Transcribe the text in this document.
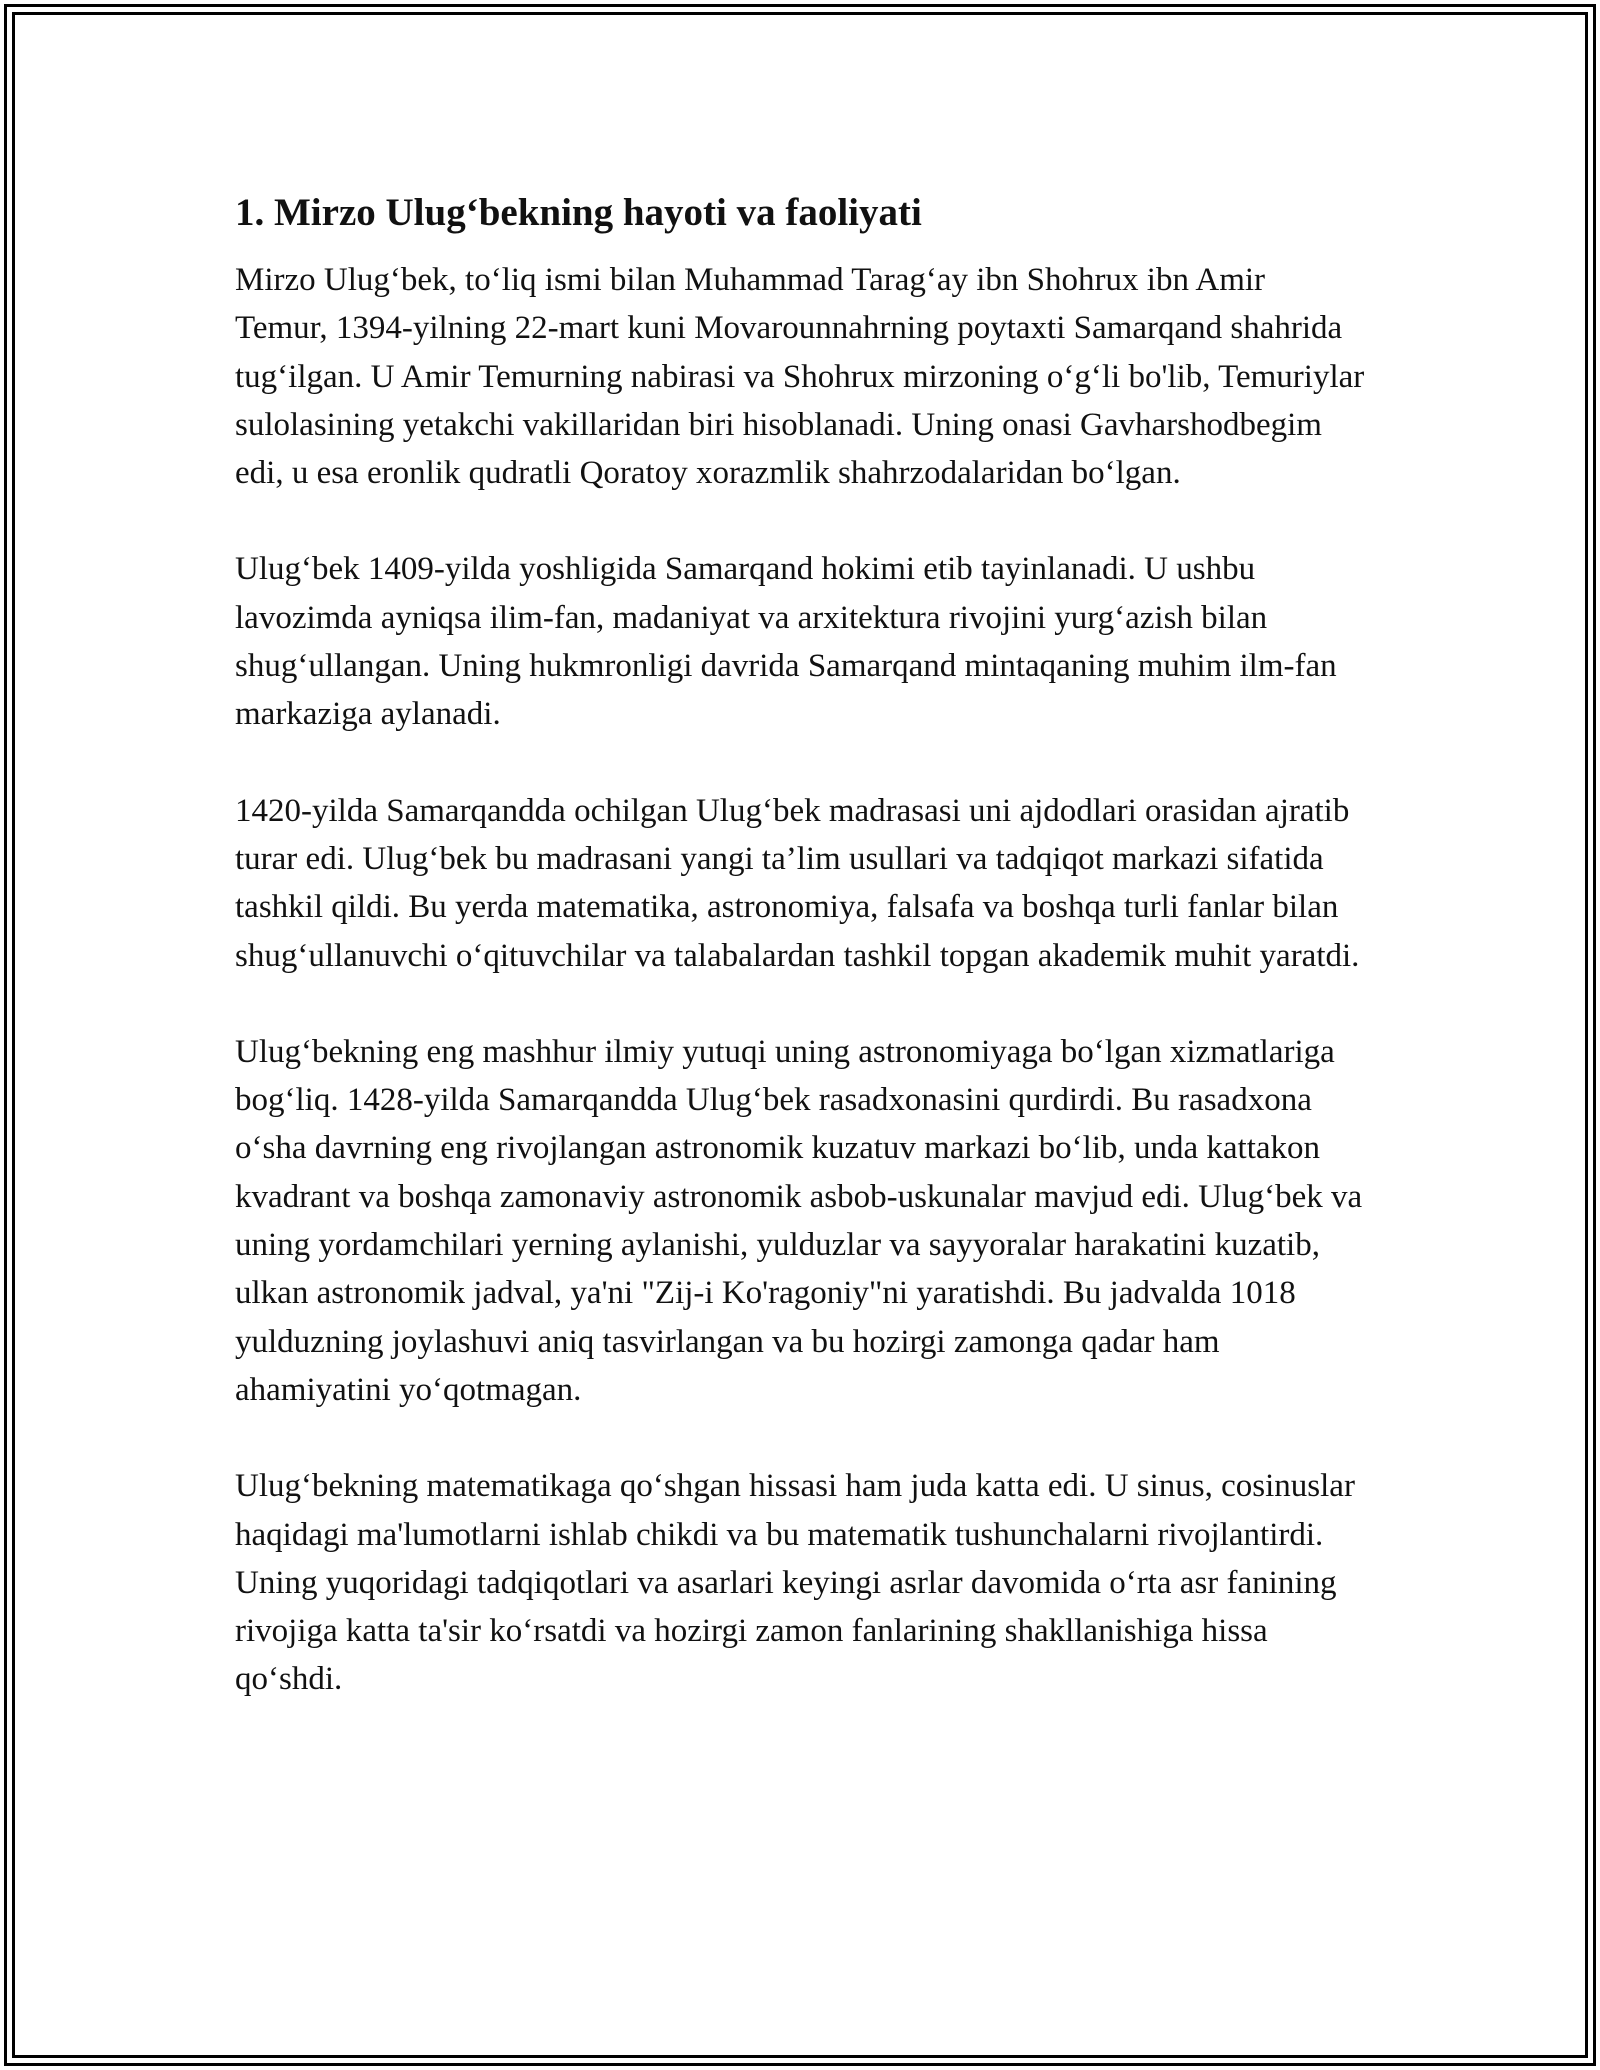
1. Mirzo Ulug‘bekning hayoti va faoliyati

Mirzo Ulug‘bek, to‘liq ismi bilan Muhammad Tarag‘ay ibn Shohrux ibn Amir Temur, 1394-yilning 22-mart kuni Movarounnahrning poytaxti Samarqand shahrida tug‘ilgan. U Amir Temurning nabirasi va Shohrux mirzoning o‘g‘li bo'lib, Temuriylar sulolasining yetakchi vakillaridan biri hisoblanadi. Uning onasi Gavharshodbegim edi, u esa eronlik qudratli Qoratoy xorazmlik shahrzodalaridan bo‘lgan.

Ulug‘bek 1409-yilda yoshligida Samarqand hokimi etib tayinlanadi. U ushbu lavozimda ayniqsa ilim-fan, madaniyat va arxitektura rivojini yurg‘azish bilan shug‘ullangan. Uning hukmronligi davrida Samarqand mintaqaning muhim ilm-fan markaziga aylanadi.

1420-yilda Samarqandda ochilgan Ulug‘bek madrasasi uni ajdodlari orasidan ajratib turar edi. Ulug‘bek bu madrasani yangi ta’lim usullari va tadqiqot markazi sifatida tashkil qildi. Bu yerda matematika, astronomiya, falsafa va boshqa turli fanlar bilan shug‘ullanuvchi o‘qituvchilar va talabalardan tashkil topgan akademik muhit yaratdi.

Ulug‘bekning eng mashhur ilmiy yutuqi uning astronomiyaga bo‘lgan xizmatlariga bog‘liq. 1428-yilda Samarqandda Ulug‘bek rasadxonasini qurdirdi. Bu rasadxona o‘sha davrning eng rivojlangan astronomik kuzatuv markazi bo‘lib, unda kattakon kvadrant va boshqa zamonaviy astronomik asbob-uskunalar mavjud edi. Ulug‘bek va uning yordamchilari yerning aylanishi, yulduzlar va sayyoralar harakatini kuzatib, ulkan astronomik jadval, ya'ni "Zij-i Ko'ragoniy"ni yaratishdi. Bu jadvalda 1018 yulduzning joylashuvi aniq tasvirlangan va bu hozirgi zamonga qadar ham ahamiyatini yo‘qotmagan.

Ulug‘bekning matematikaga qo‘shgan hissasi ham juda katta edi. U sinus, cosinuslar haqidagi ma'lumotlarni ishlab chikdi va bu matematik tushunchalarni rivojlantirdi. Uning yuqoridagi tadqiqotlari va asarlari keyingi asrlar davomida o‘rta asr fanining rivojiga katta ta'sir ko‘rsatdi va hozirgi zamon fanlarining shakllanishiga hissa qo‘shdi.
